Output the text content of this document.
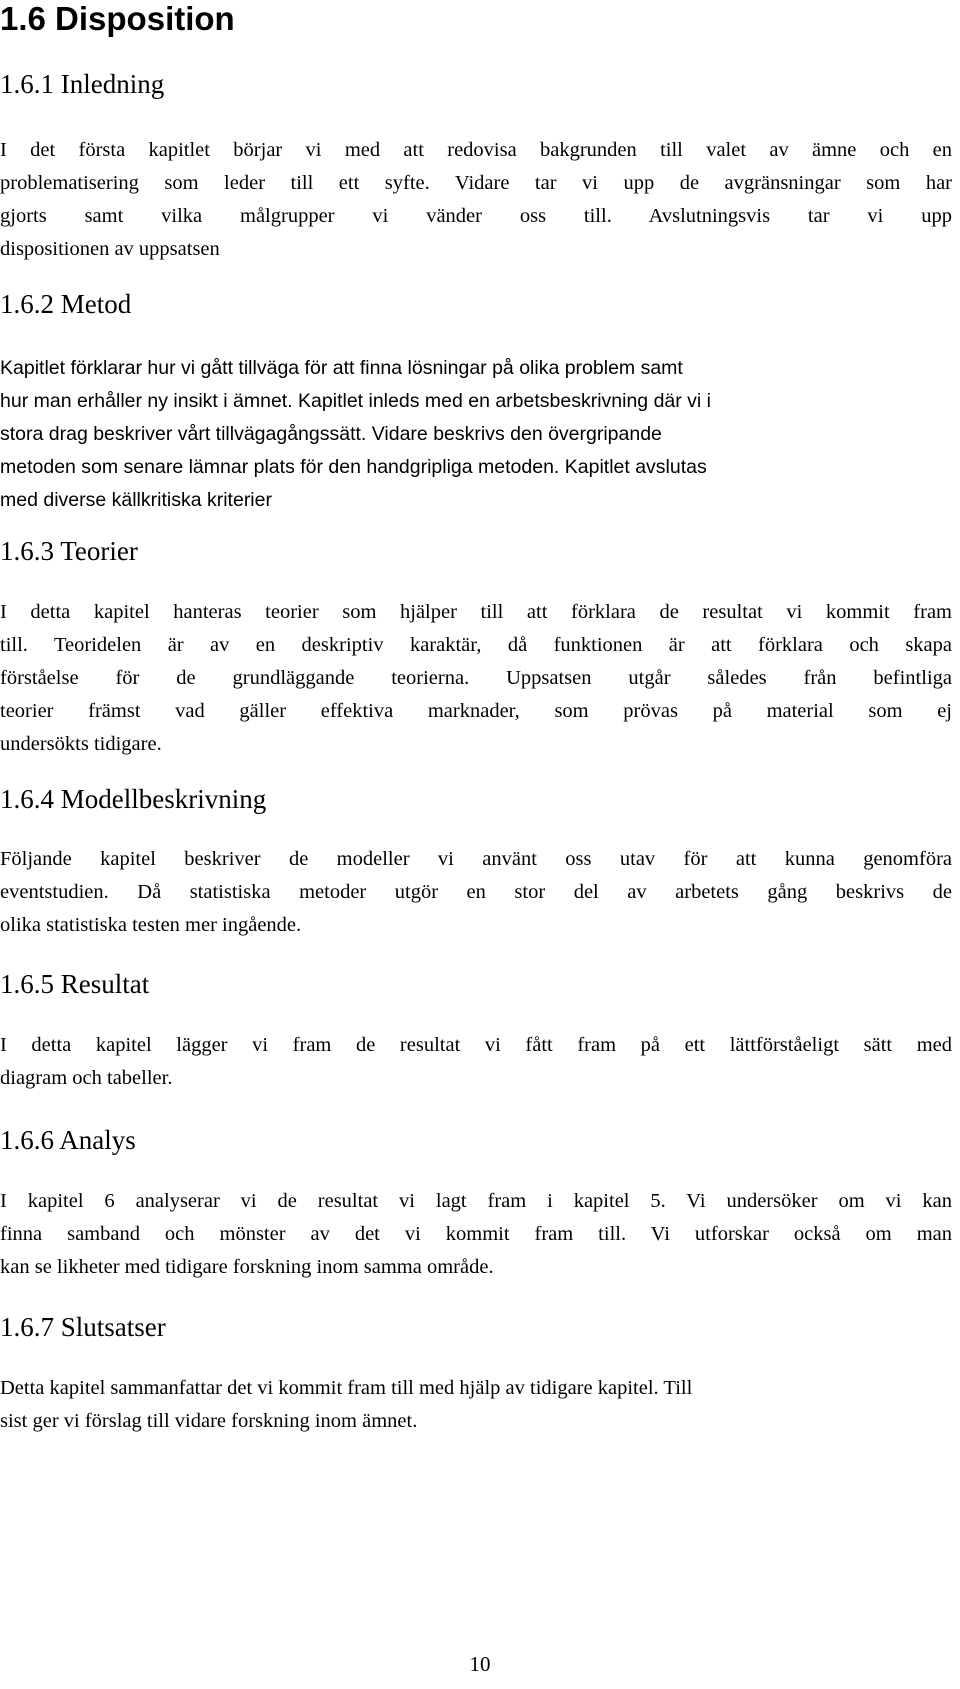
1.6 Disposition
1.6.1 Inledning
I det första kapitlet börjar vi med att redovisa bakgrunden till valet av ämne och en
problematisering som leder till ett syfte. Vidare tar vi upp de avgränsningar som har
gjorts samt vilka målgrupper vi vänder oss till. Avslutningsvis tar vi upp
dispositionen av uppsatsen
1.6.2 Metod
Kapitlet förklarar hur vi gått tillväga för att finna lösningar på olika problem samt
hur man erhåller ny insikt i ämnet. Kapitlet inleds med en arbetsbeskrivning där vi i
stora drag beskriver vårt tillvägagångssätt. Vidare beskrivs den övergripande
metoden som senare lämnar plats för den handgripliga metoden. Kapitlet avslutas
med diverse källkritiska kriterier
1.6.3 Teorier
I detta kapitel hanteras teorier som hjälper till att förklara de resultat vi kommit fram
till. Teoridelen är av en deskriptiv karaktär, då funktionen är att förklara och skapa
förståelse för de grundläggande teorierna. Uppsatsen utgår således från befintliga
teorier främst vad gäller effektiva marknader, som prövas på material som ej
undersökts tidigare.
1.6.4 Modellbeskrivning
Följande kapitel beskriver de modeller vi använt oss utav för att kunna genomföra
eventstudien. Då statistiska metoder utgör en stor del av arbetets gång beskrivs de
olika statistiska testen mer ingående.
1.6.5 Resultat
I detta kapitel lägger vi fram de resultat vi fått fram på ett lättförståeligt sätt med
diagram och tabeller.
1.6.6 Analys
I kapitel 6 analyserar vi de resultat vi lagt fram i kapitel 5. Vi undersöker om vi kan
finna samband och mönster av det vi kommit fram till. Vi utforskar också om man
kan se likheter med tidigare forskning inom samma område.
1.6.7 Slutsatser
Detta kapitel sammanfattar det vi kommit fram till med hjälp av tidigare kapitel. Till
sist ger vi förslag till vidare forskning inom ämnet.
10
